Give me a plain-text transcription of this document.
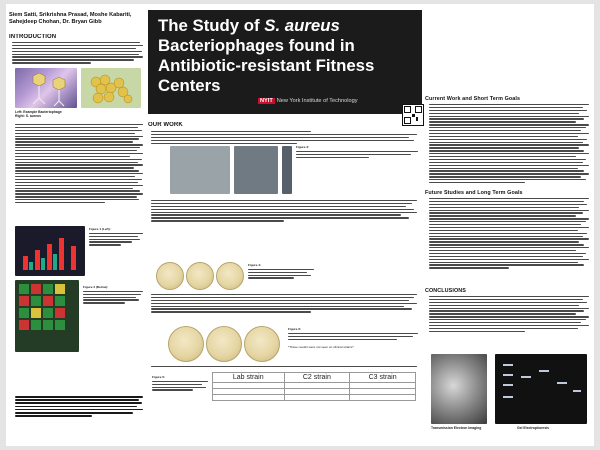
Siem Satti, Srikrishna Prasad, Moshe Kabariti,
Sahejdeep Chohan, Dr. Bryan Gibb
INTRODUCTION
Left: Example Bacteriophage Right: S. aureus
Figure 1 (Left):
Figure 2 (Below):
The Study of S. aureus Bacteriophages found in Antibiotic-resistant Fitness Centers
NYIT New York Institute of Technology
OUR WORK
Figure 3:
Figure 4:
Figure 6:
*These results were not seen on clinical strains*
Figure 5:	Lab strain	C2 strain	C3 strain

Current Work and Short Term Goals
Future Studies and Long Term Goals
CONCLUSIONS
Transmission Electron Imaging	Gel Electrophoresis
